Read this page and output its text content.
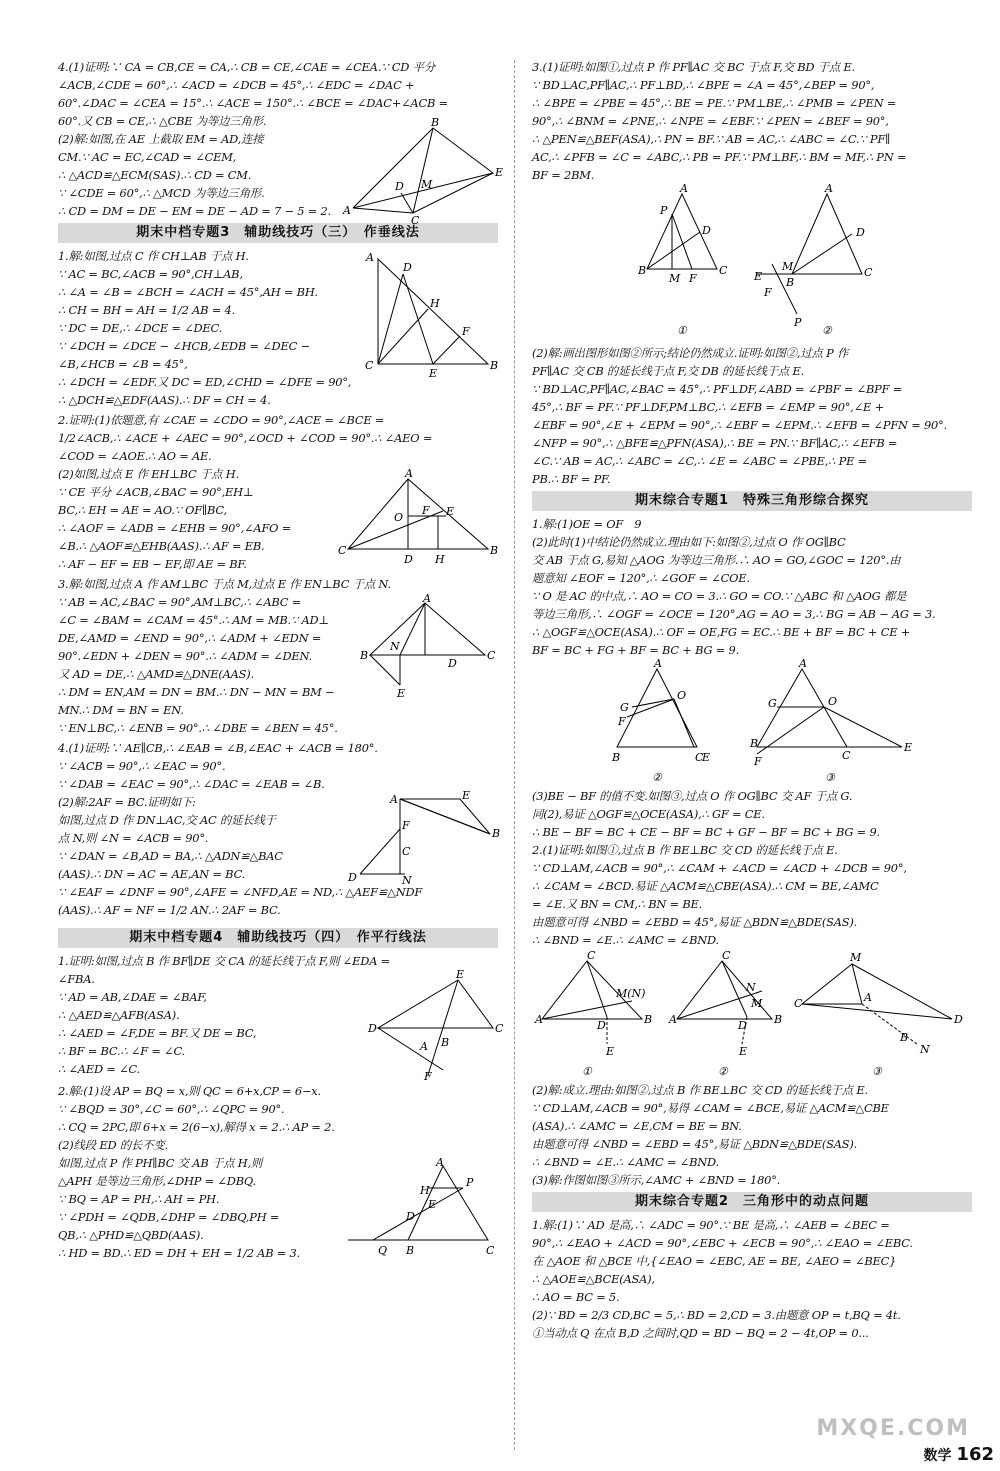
4.(1)证明:∵ CA = CB,CE = CA,∴ CB = CE,∠CAE = ∠CEA.∵ CD 平分
∠ACB,∠CDE = 60°,∴ ∠ACD = ∠DCB = 45°,∴ ∠EDC = ∠DAC +
60°.∠DAC = ∠CEA = 15°.∴ ∠ACE = 150°.∴ ∠BCE = ∠DAC+∠ACB =
60°.又 CB = CE,∴ △CBE 为等边三角形.
(2)解:如图,在 AE 上截取 EM = AD,连接
CM.∵ AC = EC,∠CAD = ∠CEM,
∴ △ACD≌△ECM(SAS).∴ CD = CM.
∵ ∠CDE = 60°,∴ △MCD 为等边三角形.
∴ CD = DM = DE − EM = DE − AD = 7 − 5 = 2.
B
A
E
C
D M
期末中档专题3　辅助线技巧（三）　作垂线法
1.解:如图,过点 C 作 CH⊥AB 于点 H.
∵ AC = BC,∠ACB = 90°,CH⊥AB,
∴ ∠A = ∠B = ∠BCH = ∠ACH = 45°,AH = BH.
∴ CH = BH = AH = 1/2 AB = 4.
∵ DC = DE,∴ ∠DCE = ∠DEC.
∵ ∠DCH = ∠DCE − ∠HCB,∠EDB = ∠DEC −
∠B,∠HCB = ∠B = 45°,
∴ ∠DCH = ∠EDF.又 DC = ED,∠CHD = ∠DFE = 90°,
∴ △DCH≌△EDF(AAS).∴ DF = CH = 4.
A
C	B
D
H
F
E
2.证明:(1)依题意,有 ∠CAE = ∠CDO = 90°,∠ACE = ∠BCE =
1/2∠ACB,∴ ∠ACE + ∠AEC = 90°,∠OCD + ∠COD = 90°.∴ ∠AEO =
∠COD = ∠AOE.∴ AO = AE.
(2)如图,过点 E 作 EH⊥BC 于点 H.
∵ CE 平分 ∠ACB,∠BAC = 90°,EH⊥
BC,∴ EH = AE = AO.∵ OF∥BC,
∴ ∠AOF = ∠ADB = ∠EHB = 90°,∠AFO =
∠B.∴ △AOF≌△EHB(AAS).∴ AF = EB.
∴ AF − EF = EB − EF,即 AE = BF.
A
C	B
O	E
F
D H
3.解:如图,过点 A 作 AM⊥BC 于点 M,过点 E 作 EN⊥BC 于点 N.
∵ AB = AC,∠BAC = 90°,AM⊥BC,∴ ∠ABC =
∠C = ∠BAM = ∠CAM = 45°.∴ AM = MB.∵ AD⊥
DE,∠AMD = ∠END = 90°,∴ ∠ADM + ∠EDN =
90°.∠EDN + ∠DEN = 90°.∴ ∠ADM = ∠DEN.
又 AD = DE,∴ △AMD≌△DNE(AAS).
∴ DM = EN,AM = DN = BM.∴ DN − MN = BM −
MN.∴ DM = BN = EN.
∵ EN⊥BC,∴ ∠ENB = 90°.∴ ∠DBE = ∠BEN = 45°.
A
B	C
N
D
E
4.(1)证明:∵ AE∥CB,∴ ∠EAB = ∠B,∠EAC + ∠ACB = 180°.
∵ ∠ACB = 90°,∴ ∠EAC = 90°.
∵ ∠DAB = ∠EAC = 90°,∴ ∠DAC = ∠EAB = ∠B.
(2)解:2AF = BC.证明如下:
如图,过点 D 作 DN⊥AC,交 AC 的延长线于
点 N,则 ∠N = ∠ACB = 90°.
∵ ∠DAN = ∠B,AD = BA,∴ △ADN≌△BAC
(AAS).∴ DN = AC = AE,AN = BC.
∵ ∠EAF = ∠DNF = 90°,∠AFE = ∠NFD,AE = ND,∴ △AEF≌△NDF
(AAS).∴ AF = NF = 1/2 AN.∴ 2AF = BC.
A	E
B
F
C
D	N
期末中档专题4　辅助线技巧（四）　作平行线法
1.证明:如图,过点 B 作 BF∥DE 交 CA 的延长线于点 F,则 ∠EDA =
∠FBA.
∵ AD = AB,∠DAE = ∠BAF,
∴ △AED≌△AFB(ASA).
∴ ∠AED = ∠F,DE = BF.又 DE = BC,
∴ BF = BC.∴ ∠F = ∠C.
∴ ∠AED = ∠C.
E
D	C
A B
F
2.解:(1)设 AP = BQ = x,则 QC = 6+x,CP = 6−x.
∵ ∠BQD = 30°,∠C = 60°,∴ ∠QPC = 90°.
∴ CQ = 2PC,即 6+x = 2(6−x),解得 x = 2.∴ AP = 2.
(2)线段 ED 的长不变.
如图,过点 P 作 PH∥BC 交 AB 于点 H,则
△APH 是等边三角形,∠DHP = ∠DBQ.
∵ BQ = AP = PH,∴ AH = PH.
∵ ∠PDH = ∠QDB,∠DHP = ∠DBQ,PH =
QB,∴ △PHD≌△QBD(AAS).
∴ HD = BD.∴ ED = DH + EH = 1/2 AB = 3.
A
P
H
E
D
Q B	C
3.(1)证明:如图①,过点 P 作 PF∥AC 交 BC 于点 F,交 BD 于点 E.
∵ BD⊥AC,PF∥AC,∴ PF⊥BD,∴ ∠BPE = ∠A = 45°,∠BEP = 90°,
∴ ∠BPE = ∠PBE = 45°,∴ BE = PE.∵ PM⊥BE,∴ ∠PMB = ∠PEN =
90°,∴ ∠BNM = ∠PNE,∴ ∠NPE = ∠EBF.∵ ∠PEN = ∠BEF = 90°,
∴ △PEN≌△BEF(ASA),∴ PN = BF.∵ AB = AC,∴ ∠ABC = ∠C.∵ PF∥
AC,∴ ∠PFB = ∠C = ∠ABC,∴ PB = PF.∵ PM⊥BF,∴ BM = MF,∴ PN =
BF = 2BM.
A
B	C
P
D
M F
①
A
B
C
D
E
F
M
P
②
(2)解:画出图形如图②所示;结论仍然成立.证明:如图②,过点 P 作
PF∥AC 交 CB 的延长线于点 F,交 DB 的延长线于点 E.
∵ BD⊥AC,PF∥AC,∠BAC = 45°,∴ PF⊥DF,∠ABD = ∠PBF = ∠BPF =
45°,∴ BF = PF.∵ PF⊥DF,PM⊥BC,∴ ∠EFB = ∠EMP = 90°,∠E +
∠EBF = 90°,∠E + ∠EPM = 90°,∴ ∠EBF = ∠EPM.∴ ∠EFB = ∠PFN = 90°.
∠NFP = 90°,∴ △BFE≌△PFN(ASA),∴ BE = PN.∵ BF∥AC,∴ ∠EFB =
∠C.∵ AB = AC,∴ ∠ABC = ∠C,∴ ∠E = ∠ABC = ∠PBE,∴ PE =
PB.∴ BF = PF.
期末综合专题1　特殊三角形综合探究
1.解:(1)OE = OF　9
(2)此时(1)中结论仍然成立.理由如下:如图②,过点 O 作 OG∥BC
交 AB 于点 G,易知 △AOG 为等边三角形.∴ AO = GO,∠GOC = 120°.由
题意知 ∠EOF = 120°,∴ ∠GOF = ∠COE.
∵ O 是 AC 的中点,∴ AO = CO = 3.∴ GO = CO.∵ △ABC 和 △AOG 都是
等边三角形,∴ ∠OGF = ∠OCE = 120°,AG = AO = 3,∴ BG = AB − AG = 3.
∴ △OGF≌△OCE(ASA).∴ OF = OE,FG = EC.∴ BE + BF = BC + CE +
BF = BC + FG + BF = BC + BG = 9.
A
B	C
E
G
F
O
②
A
G	O
B
C
E
F
③
(3)BE − BF 的值不变.如图③,过点 O 作 OG∥BC 交 AF 于点 G.
同(2),易证 △OGF≌△OCE(ASA),∴ GF = CE.
∴ BE − BF = BC + CE − BF = BC + GF − BF = BC + BG = 9.
2.(1)证明:如图①,过点 B 作 BE⊥BC 交 CD 的延长线于点 E.
∵ CD⊥AM,∠ACB = 90°,∴ ∠CAM + ∠ACD = ∠ACD + ∠DCB = 90°,
∴ ∠CAM = ∠BCD.易证 △ACM≌△CBE(ASA).∴ CM = BE,∠AMC
= ∠E.又 BN = CM,∴ BN = BE.
由题意可得 ∠NBD = ∠EBD = 45°,易证 △BDN≌△BDE(SAS).
∴ ∠BND = ∠E.∴ ∠AMC = ∠BND.
A
C
B
M(N)
D
E
①
A
C
B
N
M
D
E
②
C
M
A
D
B
N
③
(2)解:成立.理由:如图②,过点 B 作 BE⊥BC 交 CD 的延长线于点 E.
∵ CD⊥AM,∠ACB = 90°,易得 ∠CAM = ∠BCE,易证 △ACM≌△CBE
(ASA).∴ ∠AMC = ∠E,CM = BE = BN.
由题意可得 ∠NBD = ∠EBD = 45°,易证 △BDN≌△BDE(SAS).
∴ ∠BND = ∠E.∴ ∠AMC = ∠BND.
(3)解:作图如图③所示,∠AMC + ∠BND = 180°.
期末综合专题2　三角形中的动点问题
1.解:(1)∵ AD 是高,∴ ∠ADC = 90°.∵ BE 是高,∴ ∠AEB = ∠BEC =
90°,∴ ∠EAO + ∠ACD = 90°,∠EBC + ∠ECB = 90°,∴ ∠EAO = ∠EBC.
在 △AOE 和 △BCE 中,{∠EAO = ∠EBC, AE = BE, ∠AEO = ∠BEC}
∴ △AOE≌△BCE(ASA),
∴ AO = BC = 5.
(2)∵ BD = 2/3 CD,BC = 5,∴ BD = 2,CD = 3.由题意 OP = t,BQ = 4t.
①当动点 Q 在点 B,D 之间时,QD = BD − BQ = 2 − 4t,OP = 0...
数学 162
MXQE.COM
